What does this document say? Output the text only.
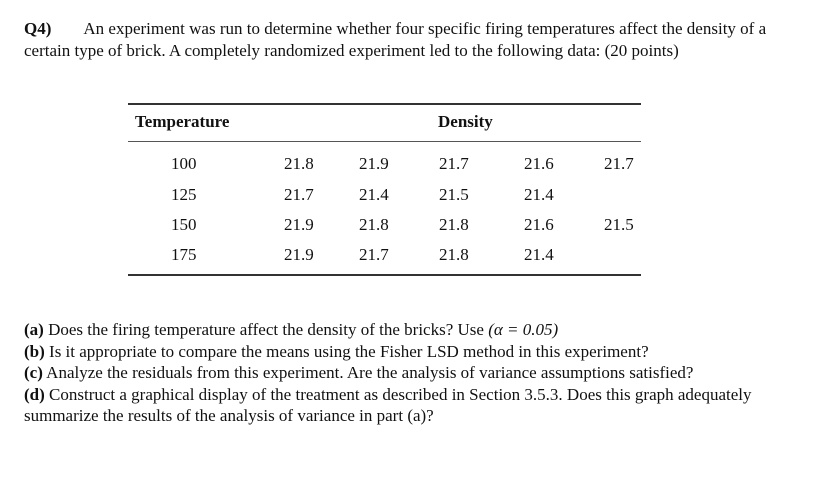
Q4) An experiment was run to determine whether four specific firing temperatures affect the density of a certain type of brick. A completely randomized experiment led to the following data: (20 points)
Temperature	Density
100	21.8	21.9	21.7	21.6	21.7
125	21.7	21.4	21.5	21.4
150	21.9	21.8	21.8	21.6	21.5
175	21.9	21.7	21.8	21.4

(a) Does the firing temperature affect the density of the bricks? Use (α = 0.05)

(b) Is it appropriate to compare the means using the Fisher LSD method in this experiment?

(c) Analyze the residuals from this experiment. Are the analysis of variance assumptions satisfied?

(d) Construct a graphical display of the treatment as described in Section 3.5.3. Does this graph adequately summarize the results of the analysis of variance in part (a)?
